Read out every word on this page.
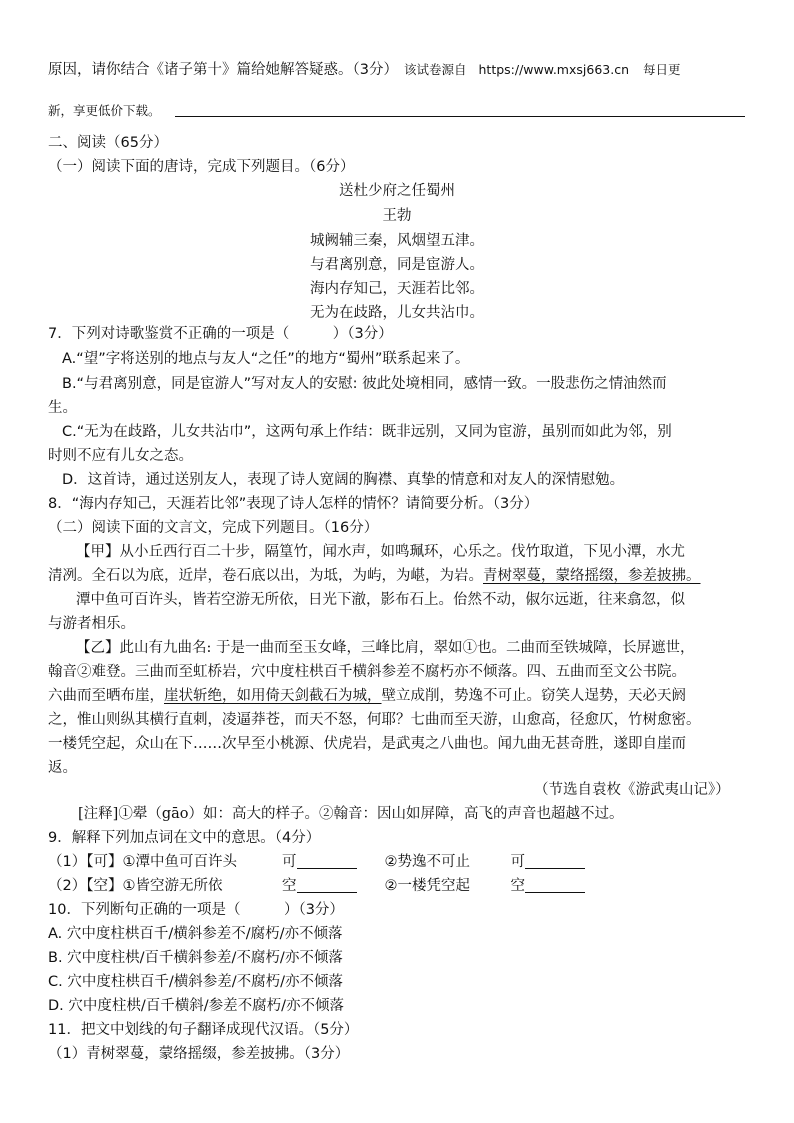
原因，请你结合《诸子第十》篇给她解答疑惑。（3分） 该试卷源自 https://www.mxsj663.cn 每日更
新，享更低价下载。
二、阅读（65分）
（一）阅读下面的唐诗，完成下列题目。（6分）
送杜少府之任蜀州
王勃
城阙辅三秦，风烟望五津。
与君离别意，同是宦游人。
海内存知己，天涯若比邻。
无为在歧路，儿女共沾巾。
7．下列对诗歌鉴赏不正确的一项是（　　　）（3分）
A.“望”字将送别的地点与友人“之任”的地方“蜀州”联系起来了。
B.“与君离别意，同是宦游人”写对友人的安慰: 彼此处境相同，感情一致。一股悲伤之情油然而
生。
C.“无为在歧路，儿女共沾巾”，这两句承上作结：既非远别，又同为宦游，虽别而如此为邻，别
时则不应有儿女之态。
D．这首诗，通过送别友人，表现了诗人宽阔的胸襟、真挚的情意和对友人的深情慰勉。
8．“海内存知己，天涯若比邻”表现了诗人怎样的情怀？请简要分析。（3分）
（二）阅读下面的文言文，完成下列题目。（16分）
【甲】从小丘西行百二十步，隔篁竹，闻水声，如鸣珮环，心乐之。伐竹取道，下见小潭，水尤
清冽。全石以为底，近岸，卷石底以出，为坻，为屿，为嵁，为岩。青树翠蔓，蒙络摇缀，参差披拂。
潭中鱼可百许头，皆若空游无所依，日光下澈，影布石上。佁然不动，俶尔远逝，往来翕忽，似
与游者相乐。
【乙】此山有九曲名: 于是一曲而至玉女峰，三峰比肩，翠如①也。二曲而至铁城障，长屏遮世，
翰音②难登。三曲而至虹桥岩，穴中度柱栱百千横斜参差不腐朽亦不倾落。四、五曲而至文公书院。
六曲而至晒布崖，崖状斩绝，如用倚天剑截石为城，壁立成削，势逸不可止。窃笑人逞势，天必天阏
之，惟山则纵其横行直刺，凌逼莽苍，而天不怒，何耶？七曲而至天游，山愈高，径愈仄，竹树愈密。
一楼凭空起，众山在下……次早至小桃源、伏虎岩，是武夷之八曲也。闻九曲无甚奇胜，遂即自崖而
返。
（节选自袁枚《游武夷山记》）
[注释]①翚（gāo）如：高大的样子。②翰音：因山如屏障，高飞的声音也超越不过。
9．解释下列加点词在文中的意思。（4分）
（1）【可】①潭中鱼可百许头	可	②势逸不可止	可
（2）【空】①皆空游无所依	空	②一楼凭空起	空
10．下列断句正确的一项是（　　　）（3分）
A. 穴中度柱栱百千/横斜参差不/腐朽/亦不倾落
B. 穴中度柱栱/百千横斜参差/不腐朽/亦不倾落
C. 穴中度柱栱百千/横斜参差/不腐朽/亦不倾落
D. 穴中度柱栱/百千横斜/参差不腐朽/亦不倾落
11．把文中划线的句子翻译成现代汉语。（5分）
（1）青树翠蔓，蒙络摇缀，参差披拂。（3分）
